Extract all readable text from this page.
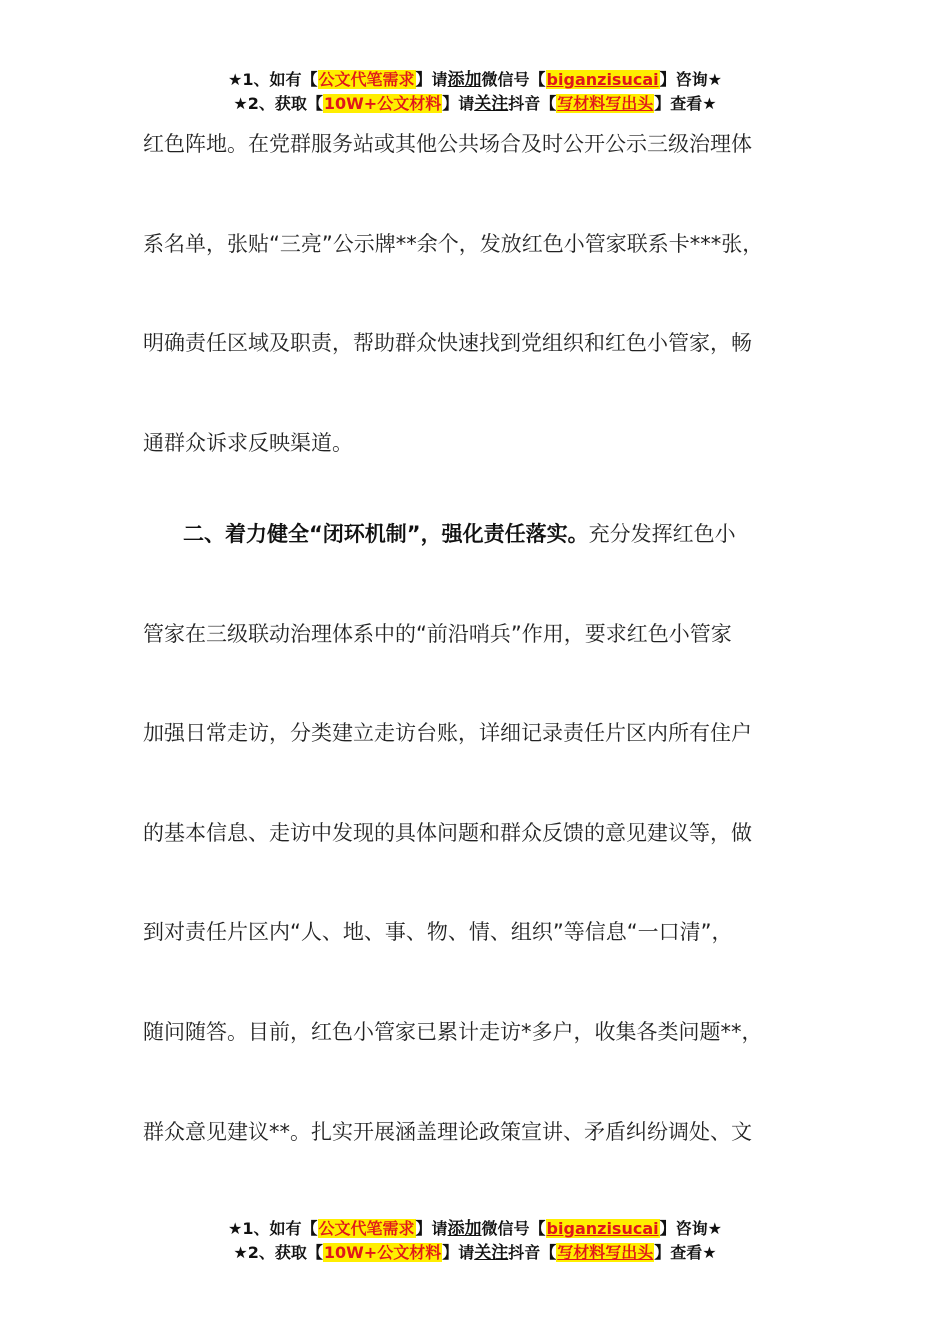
★1、如有【公文代笔需求】请添加微信号【biganzisucai】咨询★
★2、获取【10W+公文材料】请关注抖音【写材料写出头】查看★
红色阵地。在党群服务站或其他公共场合及时公开公示三级治理体
系名单，张贴“三亮”公示牌**余个，发放红色小管家联系卡***张，
明确责任区域及职责，帮助群众快速找到党组织和红色小管家，畅
通群众诉求反映渠道。
二、着力健全“闭环机制”，强化责任落实。充分发挥红色小
管家在三级联动治理体系中的“前沿哨兵”作用，要求红色小管家
加强日常走访，分类建立走访台账，详细记录责任片区内所有住户
的基本信息、走访中发现的具体问题和群众反馈的意见建议等，做
到对责任片区内“人、地、事、物、情、组织”等信息“一口清”，
随问随答。目前，红色小管家已累计走访*多户，收集各类问题**，
群众意见建议**。扎实开展涵盖理论政策宣讲、矛盾纠纷调处、文
★1、如有【公文代笔需求】请添加微信号【biganzisucai】咨询★
★2、获取【10W+公文材料】请关注抖音【写材料写出头】查看★
